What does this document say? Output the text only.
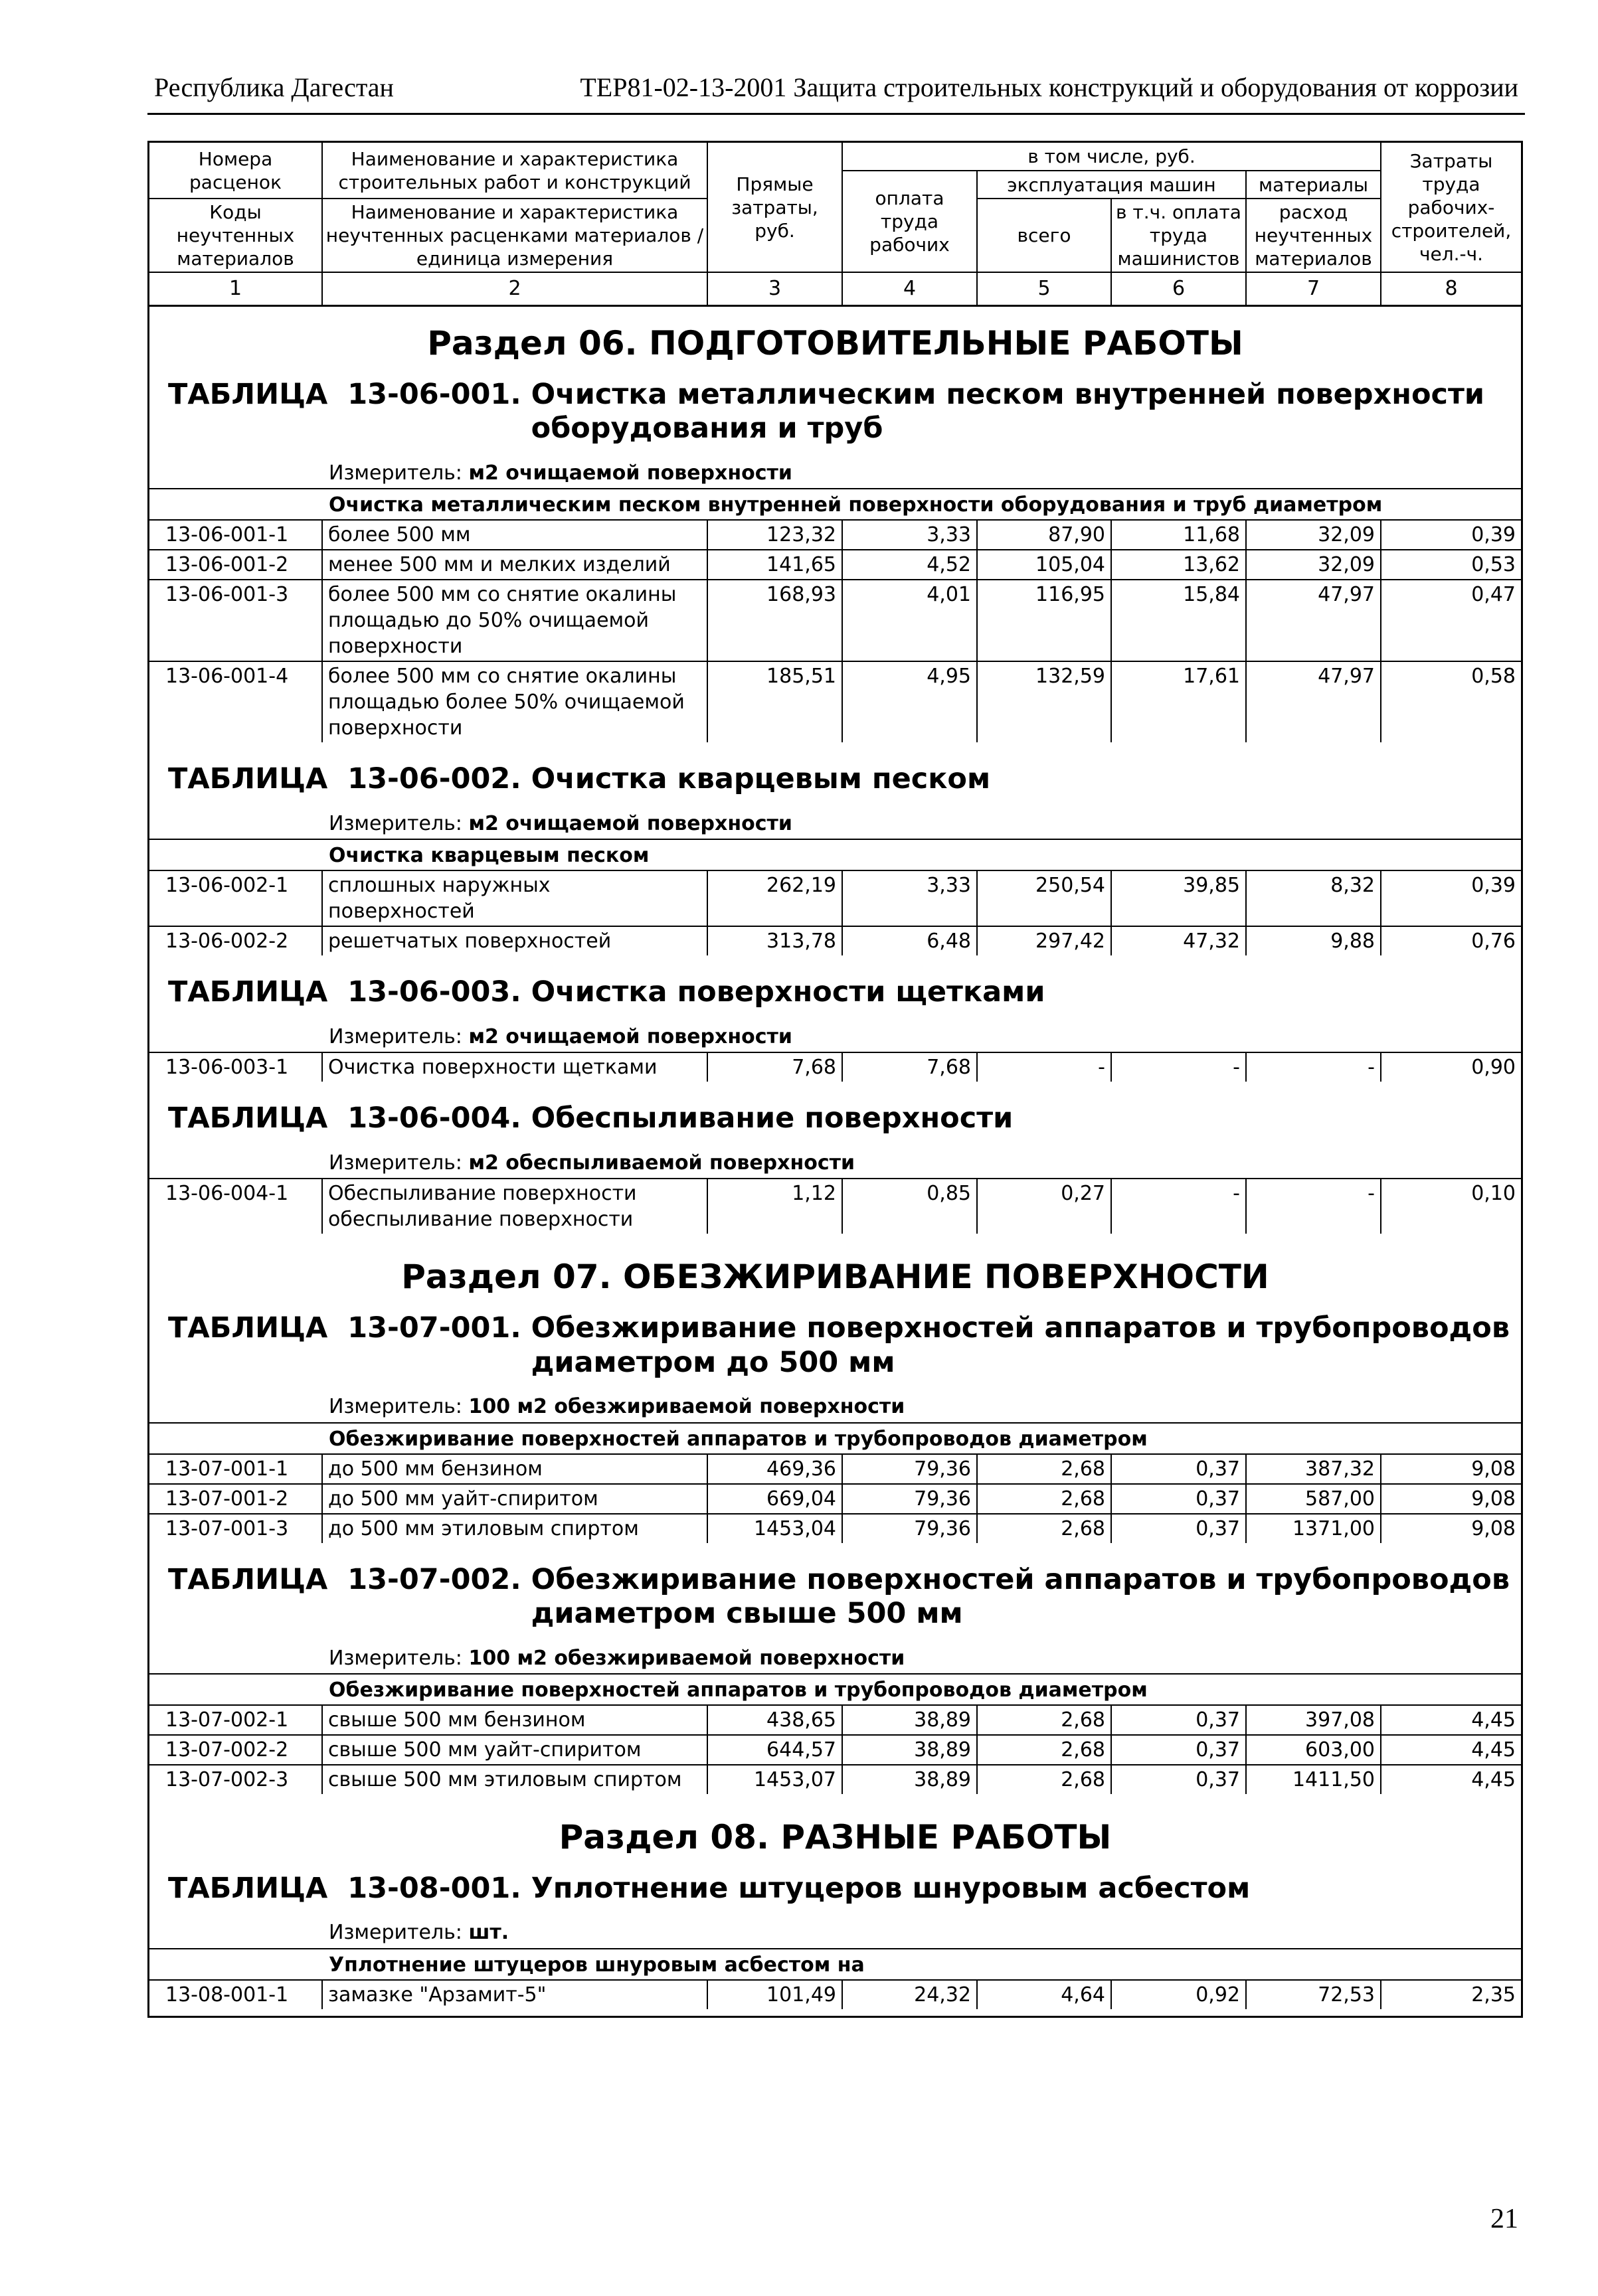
Республика Дагестан	ТЕР81-02-13-2001 Защита строительных конструкций и оборудования от коррозии
Номера расценок	Наименование и характеристика строительных работ и конструкций	Прямые затраты, руб.	в том числе, руб.				Затраты труда рабочих-строителей, чел.-ч.
			оплата труда рабочих	эксплуатация машин		материалы	
Коды неучтенных материалов	Наименование и характеристика неучтенных расценками материалов / единица измерения			всего	в т.ч. оплата труда машинистов	расход неучтенных материалов	

1	2	3	4	5	6	7	8
Раздел 06. ПОДГОТОВИТЕЛЬНЫЕ РАБОТЫ
ТАБЛИЦА  13-06-001.
Очистка металлическим песком внутренней поверхности оборудования и труб
Измеритель: м2 очищаемой поверхности
Очистка металлическим песком внутренней поверхности оборудования и труб диаметром
13-06-001-1	более 500 мм	123,32	3,33	87,90	11,68	32,09	0,39
13-06-001-2	менее 500 мм и мелких изделий	141,65	4,52	105,04	13,62	32,09	0,53
13-06-001-3	более 500 мм со снятие окалины площадью до 50% очищаемой поверхности	168,93	4,01	116,95	15,84	47,97	0,47
13-06-001-4	более 500 мм со снятие окалины площадью более 50% очищаемой поверхности	185,51	4,95	132,59	17,61	47,97	0,58
ТАБЛИЦА  13-06-002.
Очистка кварцевым песком
Измеритель: м2 очищаемой поверхности
Очистка кварцевым песком
13-06-002-1	сплошных наружных поверхностей	262,19	3,33	250,54	39,85	8,32	0,39
13-06-002-2	решетчатых поверхностей	313,78	6,48	297,42	47,32	9,88	0,76
ТАБЛИЦА  13-06-003.
Очистка поверхности щетками
Измеритель: м2 очищаемой поверхности
13-06-003-1	Очистка поверхности щетками	7,68	7,68	-	-	-	0,90
ТАБЛИЦА  13-06-004.
Обеспыливание поверхности
Измеритель: м2 обеспыливаемой поверхности
13-06-004-1	Обеспыливание поверхности обеспыливание поверхности	1,12	0,85	0,27	-	-	0,10
Раздел 07. ОБЕЗЖИРИВАНИЕ ПОВЕРХНОСТИ
ТАБЛИЦА  13-07-001.
Обезжиривание поверхностей аппаратов и трубопроводов диаметром до 500 мм
Измеритель: 100 м2 обезжириваемой поверхности
Обезжиривание поверхностей аппаратов и трубопроводов диаметром
13-07-001-1	до 500 мм бензином	469,36	79,36	2,68	0,37	387,32	9,08
13-07-001-2	до 500 мм уайт-спиритом	669,04	79,36	2,68	0,37	587,00	9,08
13-07-001-3	до 500 мм этиловым спиртом	1453,04	79,36	2,68	0,37	1371,00	9,08
ТАБЛИЦА  13-07-002.
Обезжиривание поверхностей аппаратов и трубопроводов диаметром свыше 500 мм
Измеритель: 100 м2 обезжириваемой поверхности
Обезжиривание поверхностей аппаратов и трубопроводов диаметром
13-07-002-1	свыше 500 мм бензином	438,65	38,89	2,68	0,37	397,08	4,45
13-07-002-2	свыше 500 мм уайт-спиритом	644,57	38,89	2,68	0,37	603,00	4,45
13-07-002-3	свыше 500 мм этиловым спиртом	1453,07	38,89	2,68	0,37	1411,50	4,45
Раздел 08. РАЗНЫЕ РАБОТЫ
ТАБЛИЦА  13-08-001.
Уплотнение штуцеров шнуровым асбестом
Измеритель: шт.
Уплотнение штуцеров шнуровым асбестом на
13-08-001-1	замазке "Арзамит-5"	101,49	24,32	4,64	0,92	72,53	2,35
21
